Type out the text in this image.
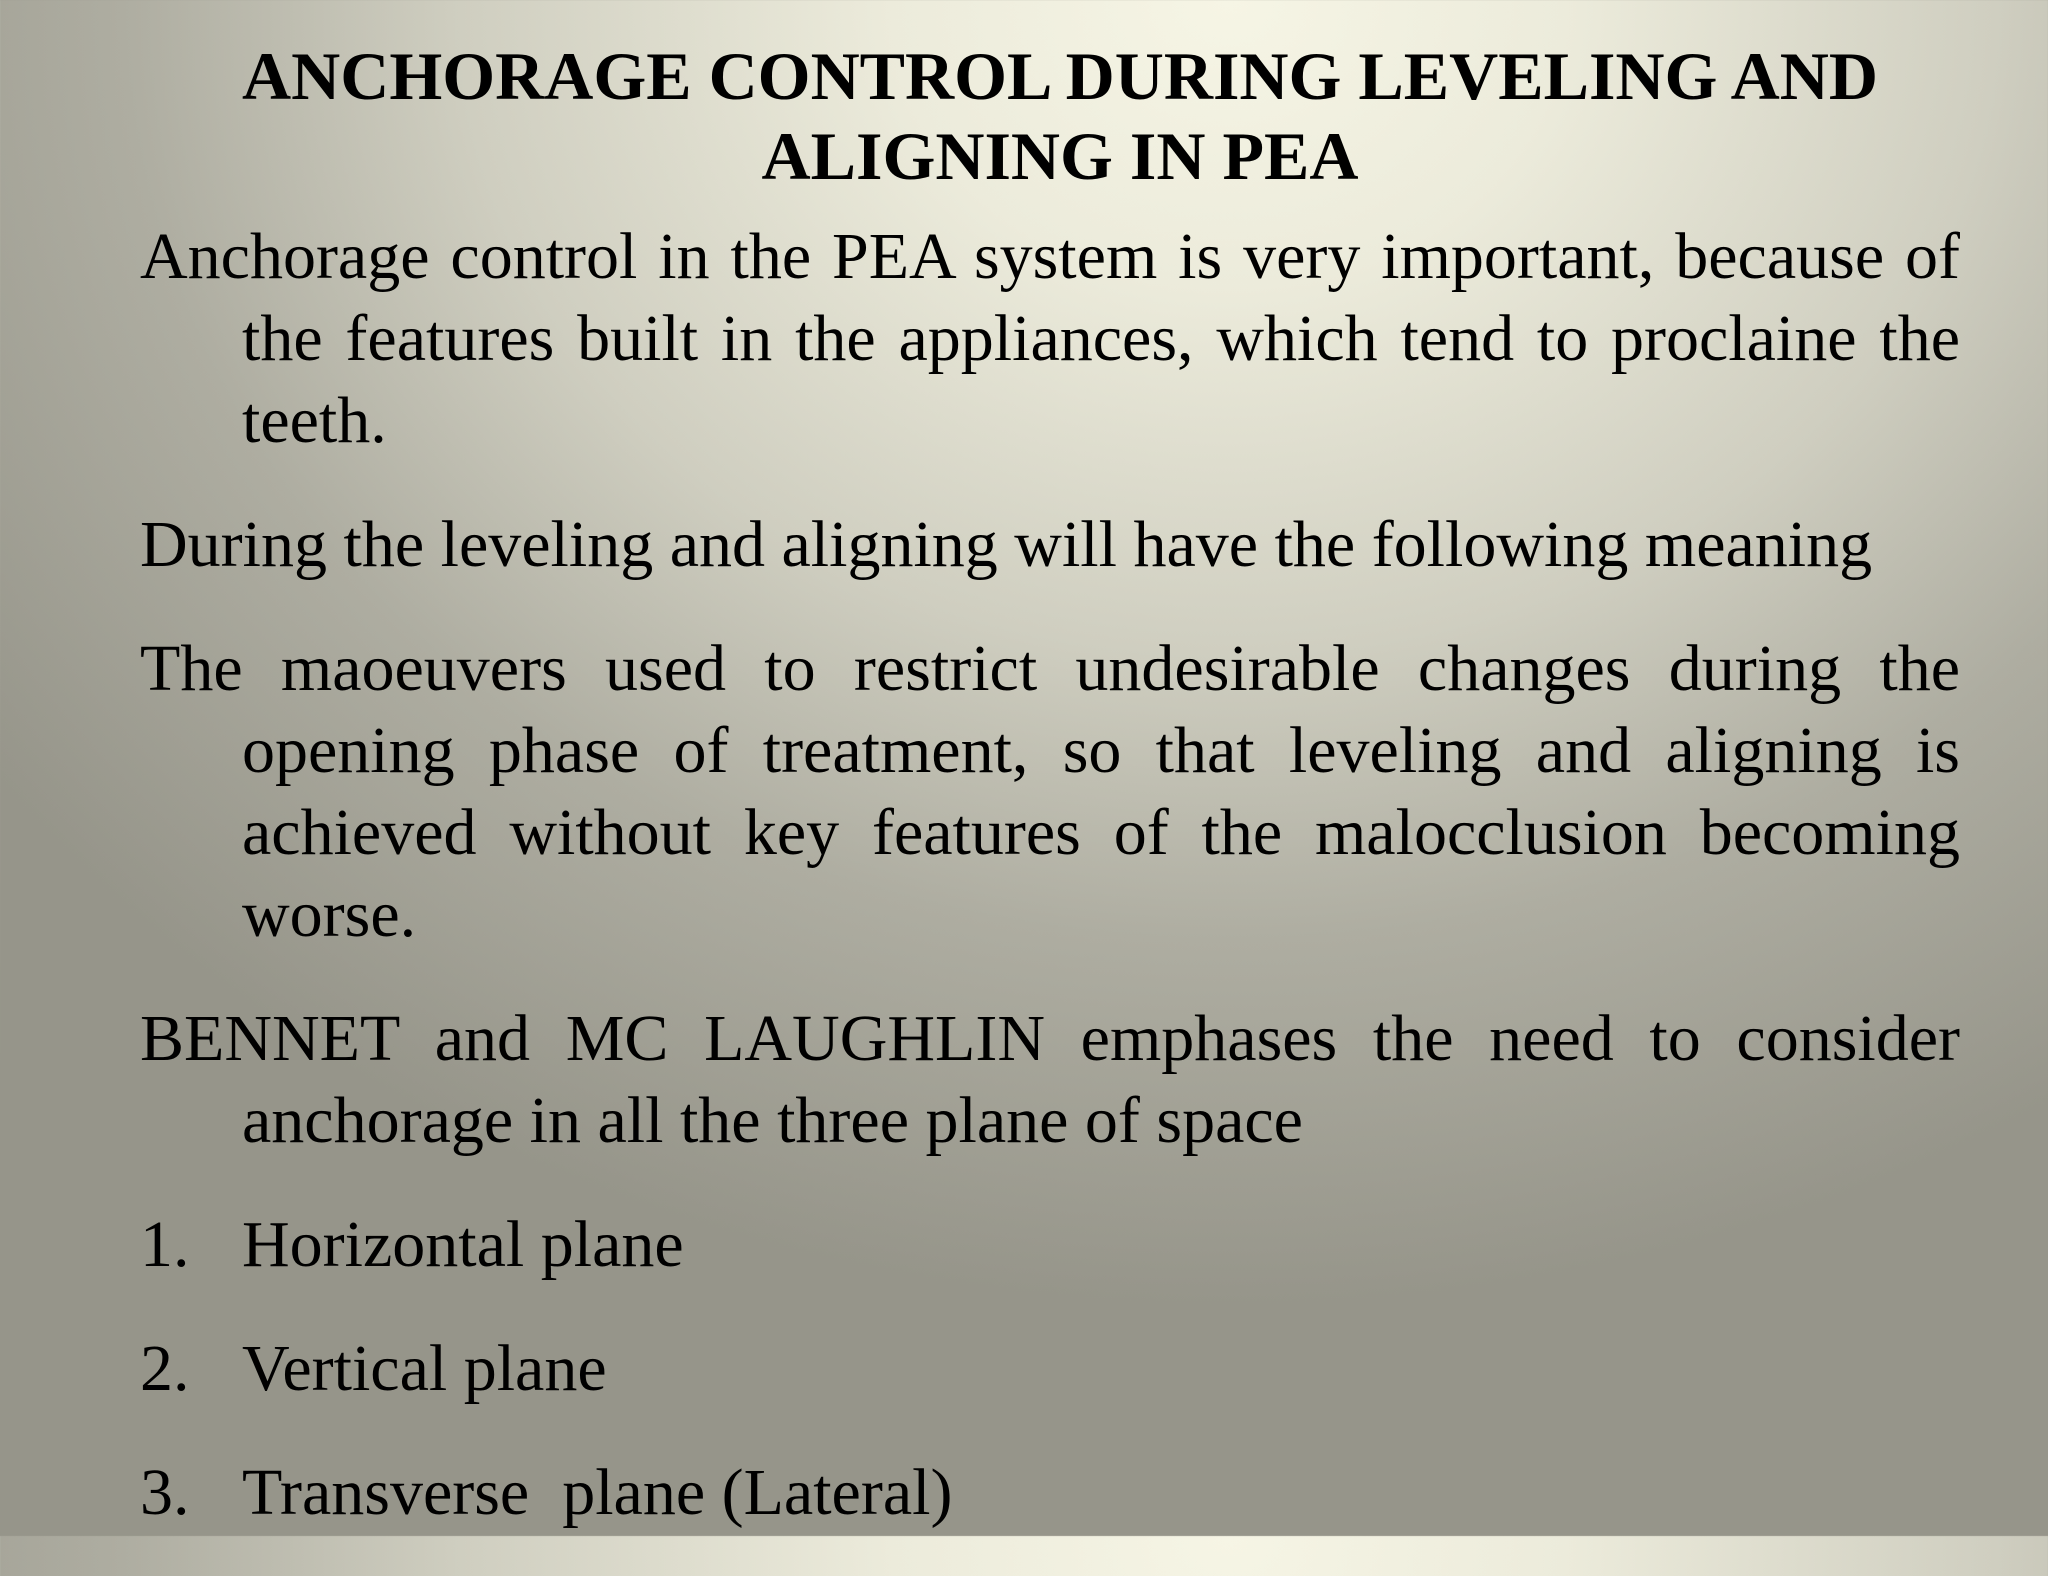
ANCHORAGE CONTROL DURING LEVELING AND
ALIGNING IN PEA

Anchorage control in the PEA system is very important, because of the features built in the appliances, which tend to proclaine the teeth.

During the leveling and aligning will have the following meaning

The maoeuvers used to restrict undesirable changes during the opening phase of treatment, so that leveling and aligning is achieved without key features of the malocclusion becoming worse.

BENNET and MC LAUGHLIN emphases the need to consider anchorage in all the three plane of space

1. Horizontal plane
2. Vertical plane
3. Transverse  plane (Lateral)
